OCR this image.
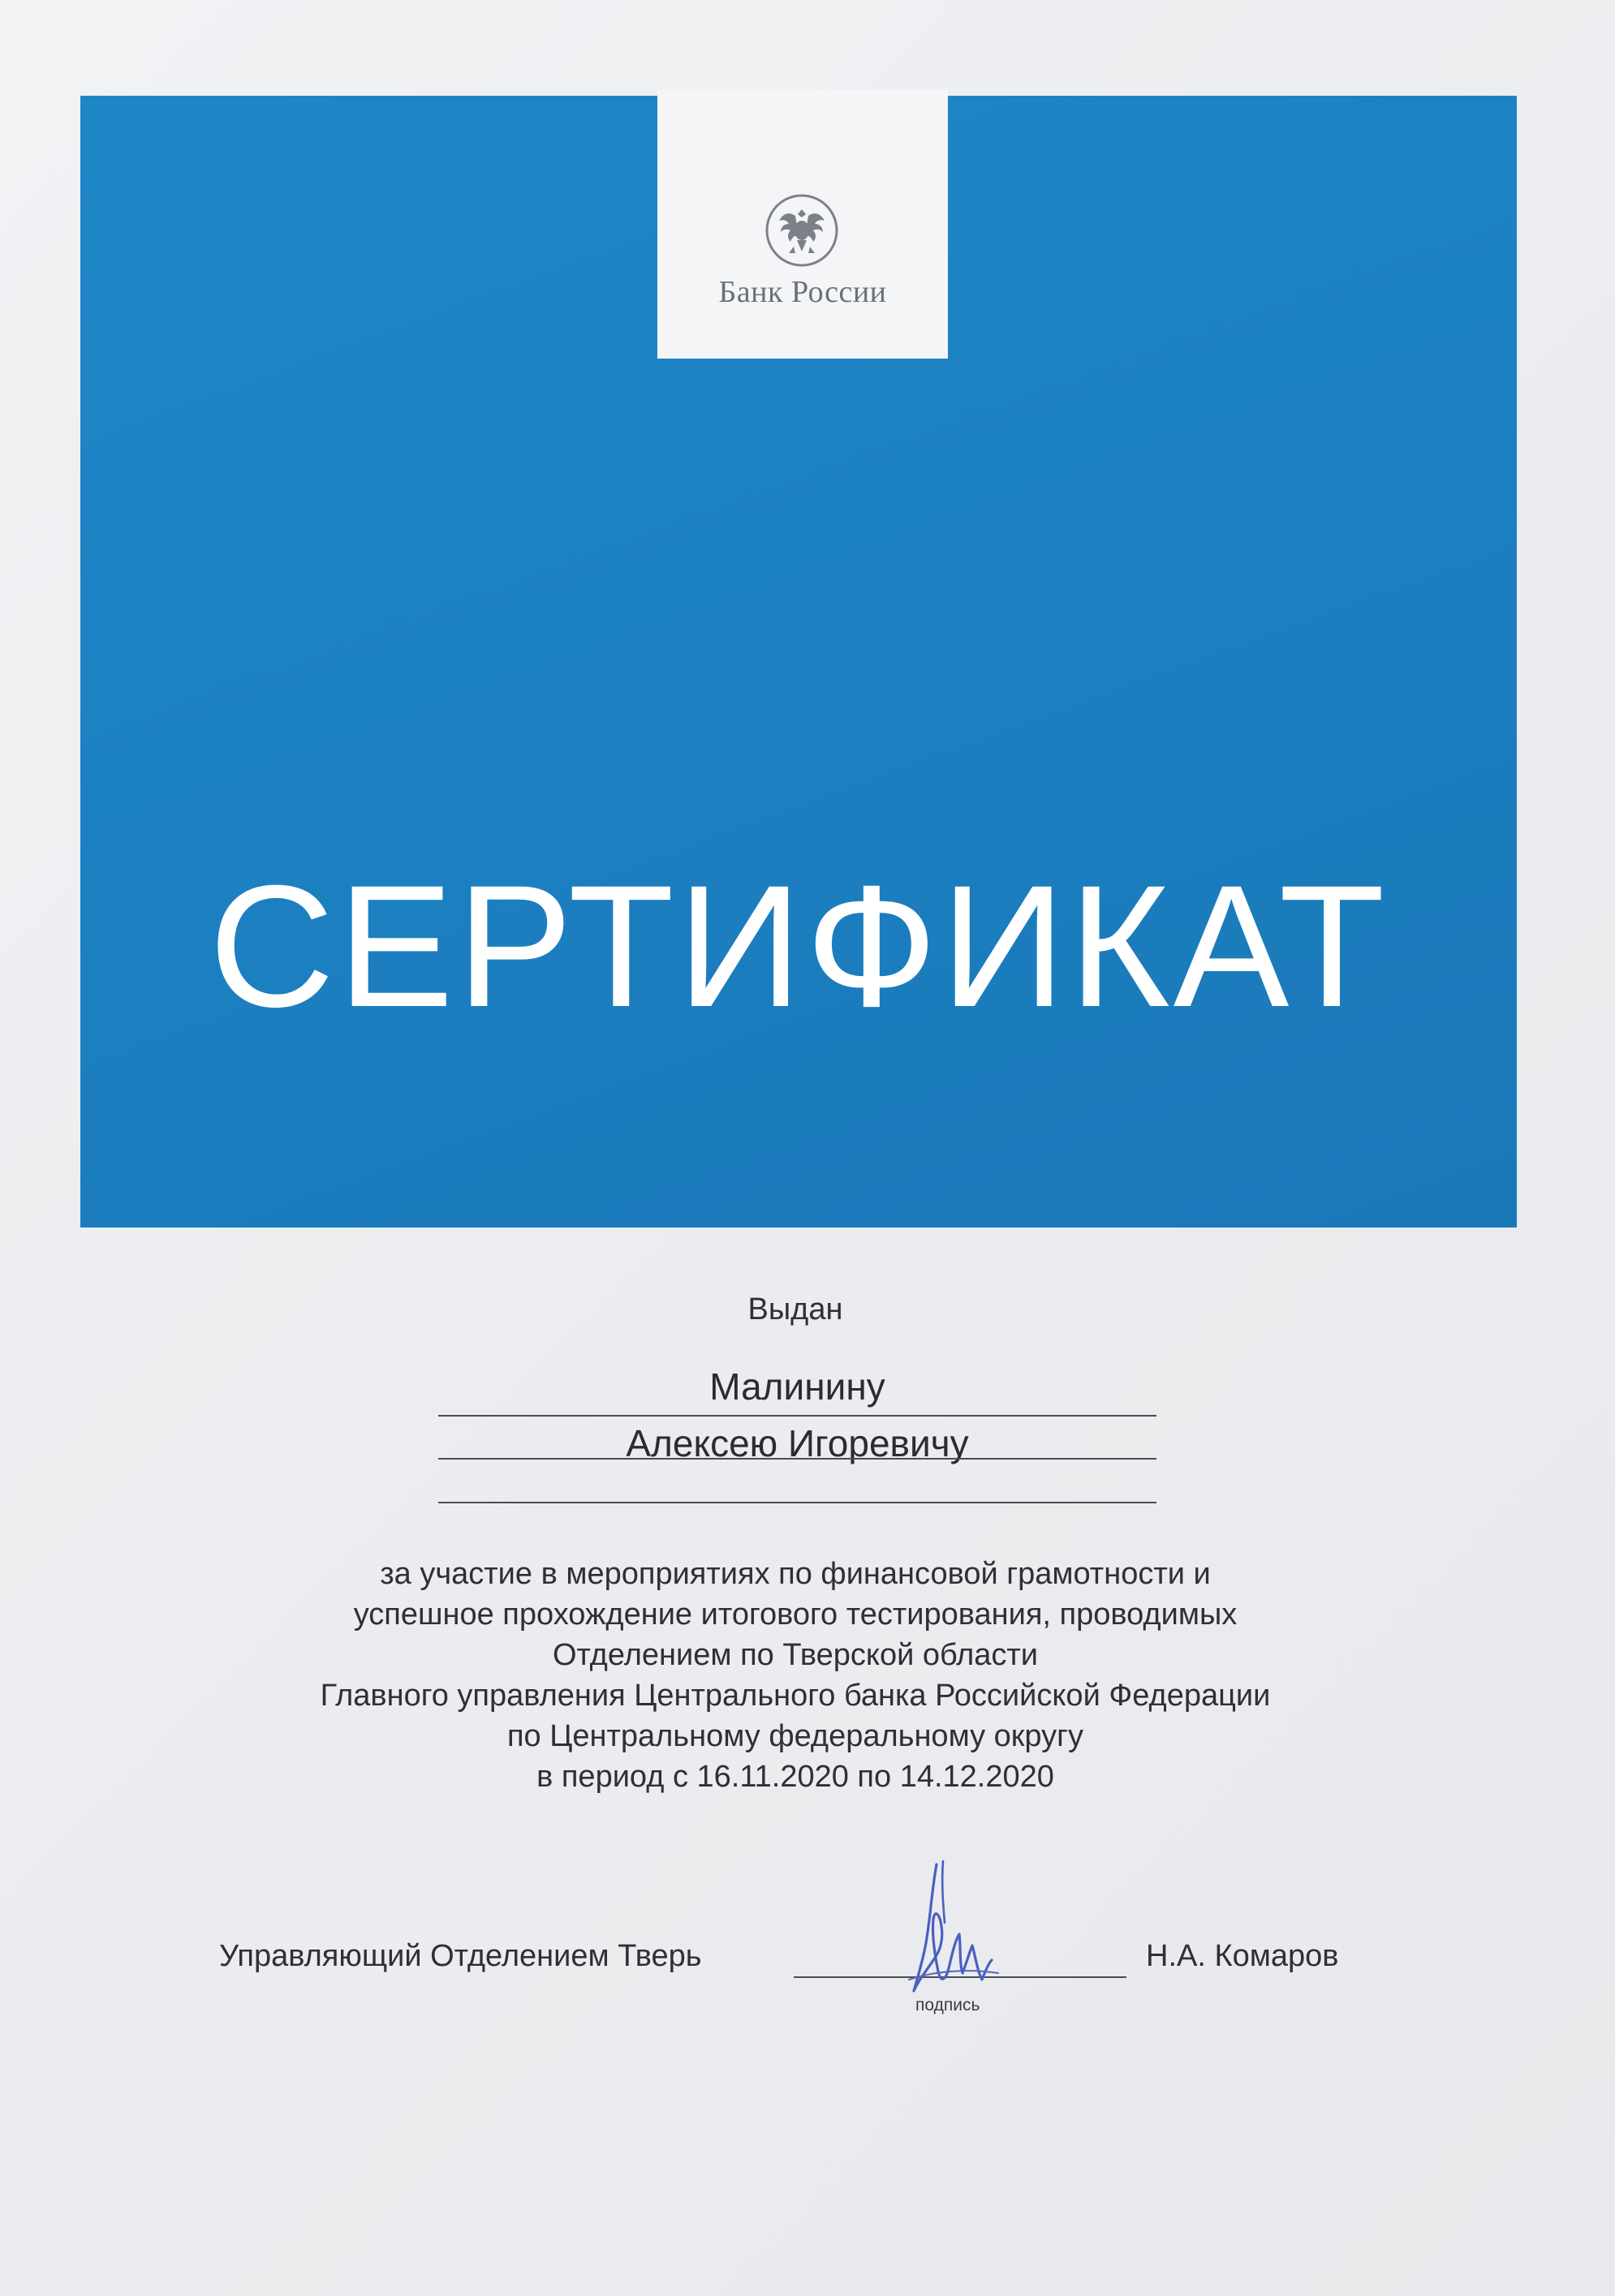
Банк России
СЕРТИФИКАТ
Выдан
Малинину
Алексею Игоревичу
за участие в мероприятиях по финансовой грамотности и
успешное прохождение итогового тестирования, проводимых
Отделением по Тверской области
Главного управления Центрального банка Российской Федерации
по Центральному федеральному округу
в период с 16.11.2020 по 14.12.2020
Управляющий Отделением Тверь
подпись
Н.А. Комаров
